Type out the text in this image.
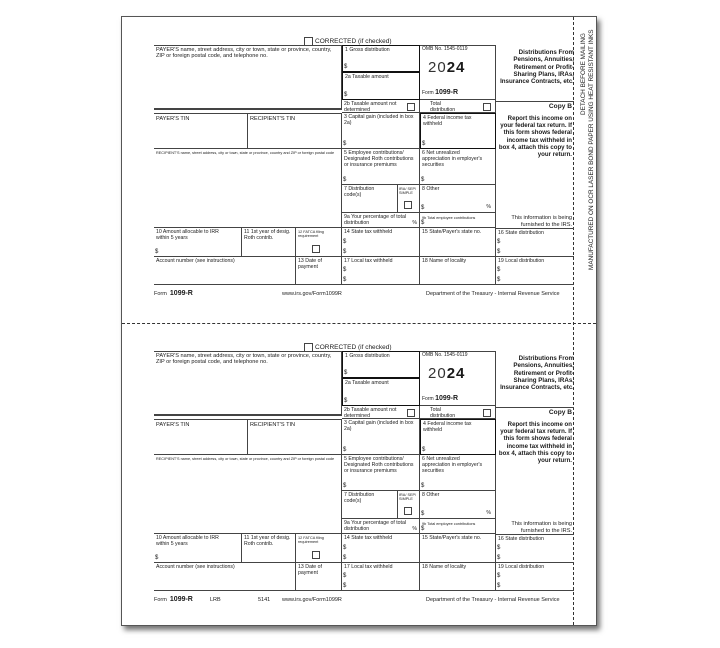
DETACH BEFORE MAILING MANUFACTURED ON OCR LASER BOND PAPER USING HEAT RESISTANT INKS
CORRECTED (if checked)
PAYER'S name, street address, city or town, state or province, country, ZIP or foreign postal code, and telephone no.
1 Gross distribution
$
2a Taxable amount
$
OMB No. 1545-0119
2024
Form 1099-R
Distributions From Pensions, Annuities, Retirement or Profit-Sharing Plans, IRAs, Insurance Contracts, etc.
2b Taxable amount not determined
Total distribution
PAYER'S TIN	RECIPIENT'S TIN	3 Capital gain (included in box 2a)
$
4 Federal income tax withheld
$
Copy B
Report this income on your federal tax return. If this form shows federal income tax withheld in box 4, attach this copy to your return.
This information is being furnished to the IRS.
RECIPIENT'S name, street address, city or town, state or province, country and ZIP or foreign postal code	5 Employee contributions/ Designated Roth contributions or insurance premiums
$
6 Net unrealized appreciation in employer's securities
$
7 Distribution code(s)
IRA/ SEP/ SIMPLE
8 Other
$	%
9a Your percentage of total distribution	%
9b Total employee contributions
$
10 Amount allocable to IRR within 5 years
$
11 1st year of desig. Roth contrib.
12 FATCA filing requirement
14 State tax withheld
$
$
15 State/Payer's state no.	16 State distribution
$
$
Account number (see instructions)	13 Date of payment
17 Local tax withheld
$
$
18 Name of locality	19 Local distribution
$
$
Form 1099-R	www.irs.gov/Form1099R	Department of the Treasury - Internal Revenue Service
CORRECTED (if checked)
PAYER'S name, street address, city or town, state or province, country, ZIP or foreign postal code, and telephone no.
1 Gross distribution
$
2a Taxable amount
$
OMB No. 1545-0119
2024
Form 1099-R
Distributions From Pensions, Annuities, Retirement or Profit-Sharing Plans, IRAs, Insurance Contracts, etc.
2b Taxable amount not determined
Total distribution
PAYER'S TIN	RECIPIENT'S TIN	3 Capital gain (included in box 2a)
$
4 Federal income tax withheld
$
Copy B
Report this income on your federal tax return. If this form shows federal income tax withheld in box 4, attach this copy to your return.
This information is being furnished to the IRS.
RECIPIENT'S name, street address, city or town, state or province, country and ZIP or foreign postal code	5 Employee contributions/ Designated Roth contributions or insurance premiums
$
6 Net unrealized appreciation in employer's securities
$
7 Distribution code(s)
IRA/ SEP/ SIMPLE
8 Other
$	%
9a Your percentage of total distribution	%
9b Total employee contributions
$
10 Amount allocable to IRR within 5 years
$
11 1st year of desig. Roth contrib.
12 FATCA filing requirement
14 State tax withheld
$
$
15 State/Payer's state no.	16 State distribution
$
$
Account number (see instructions)	13 Date of payment
17 Local tax withheld
$
$
18 Name of locality	19 Local distribution
$
$
Form 1099-R	LRB	5141 www.irs.gov/Form1099R	Department of the Treasury - Internal Revenue Service
